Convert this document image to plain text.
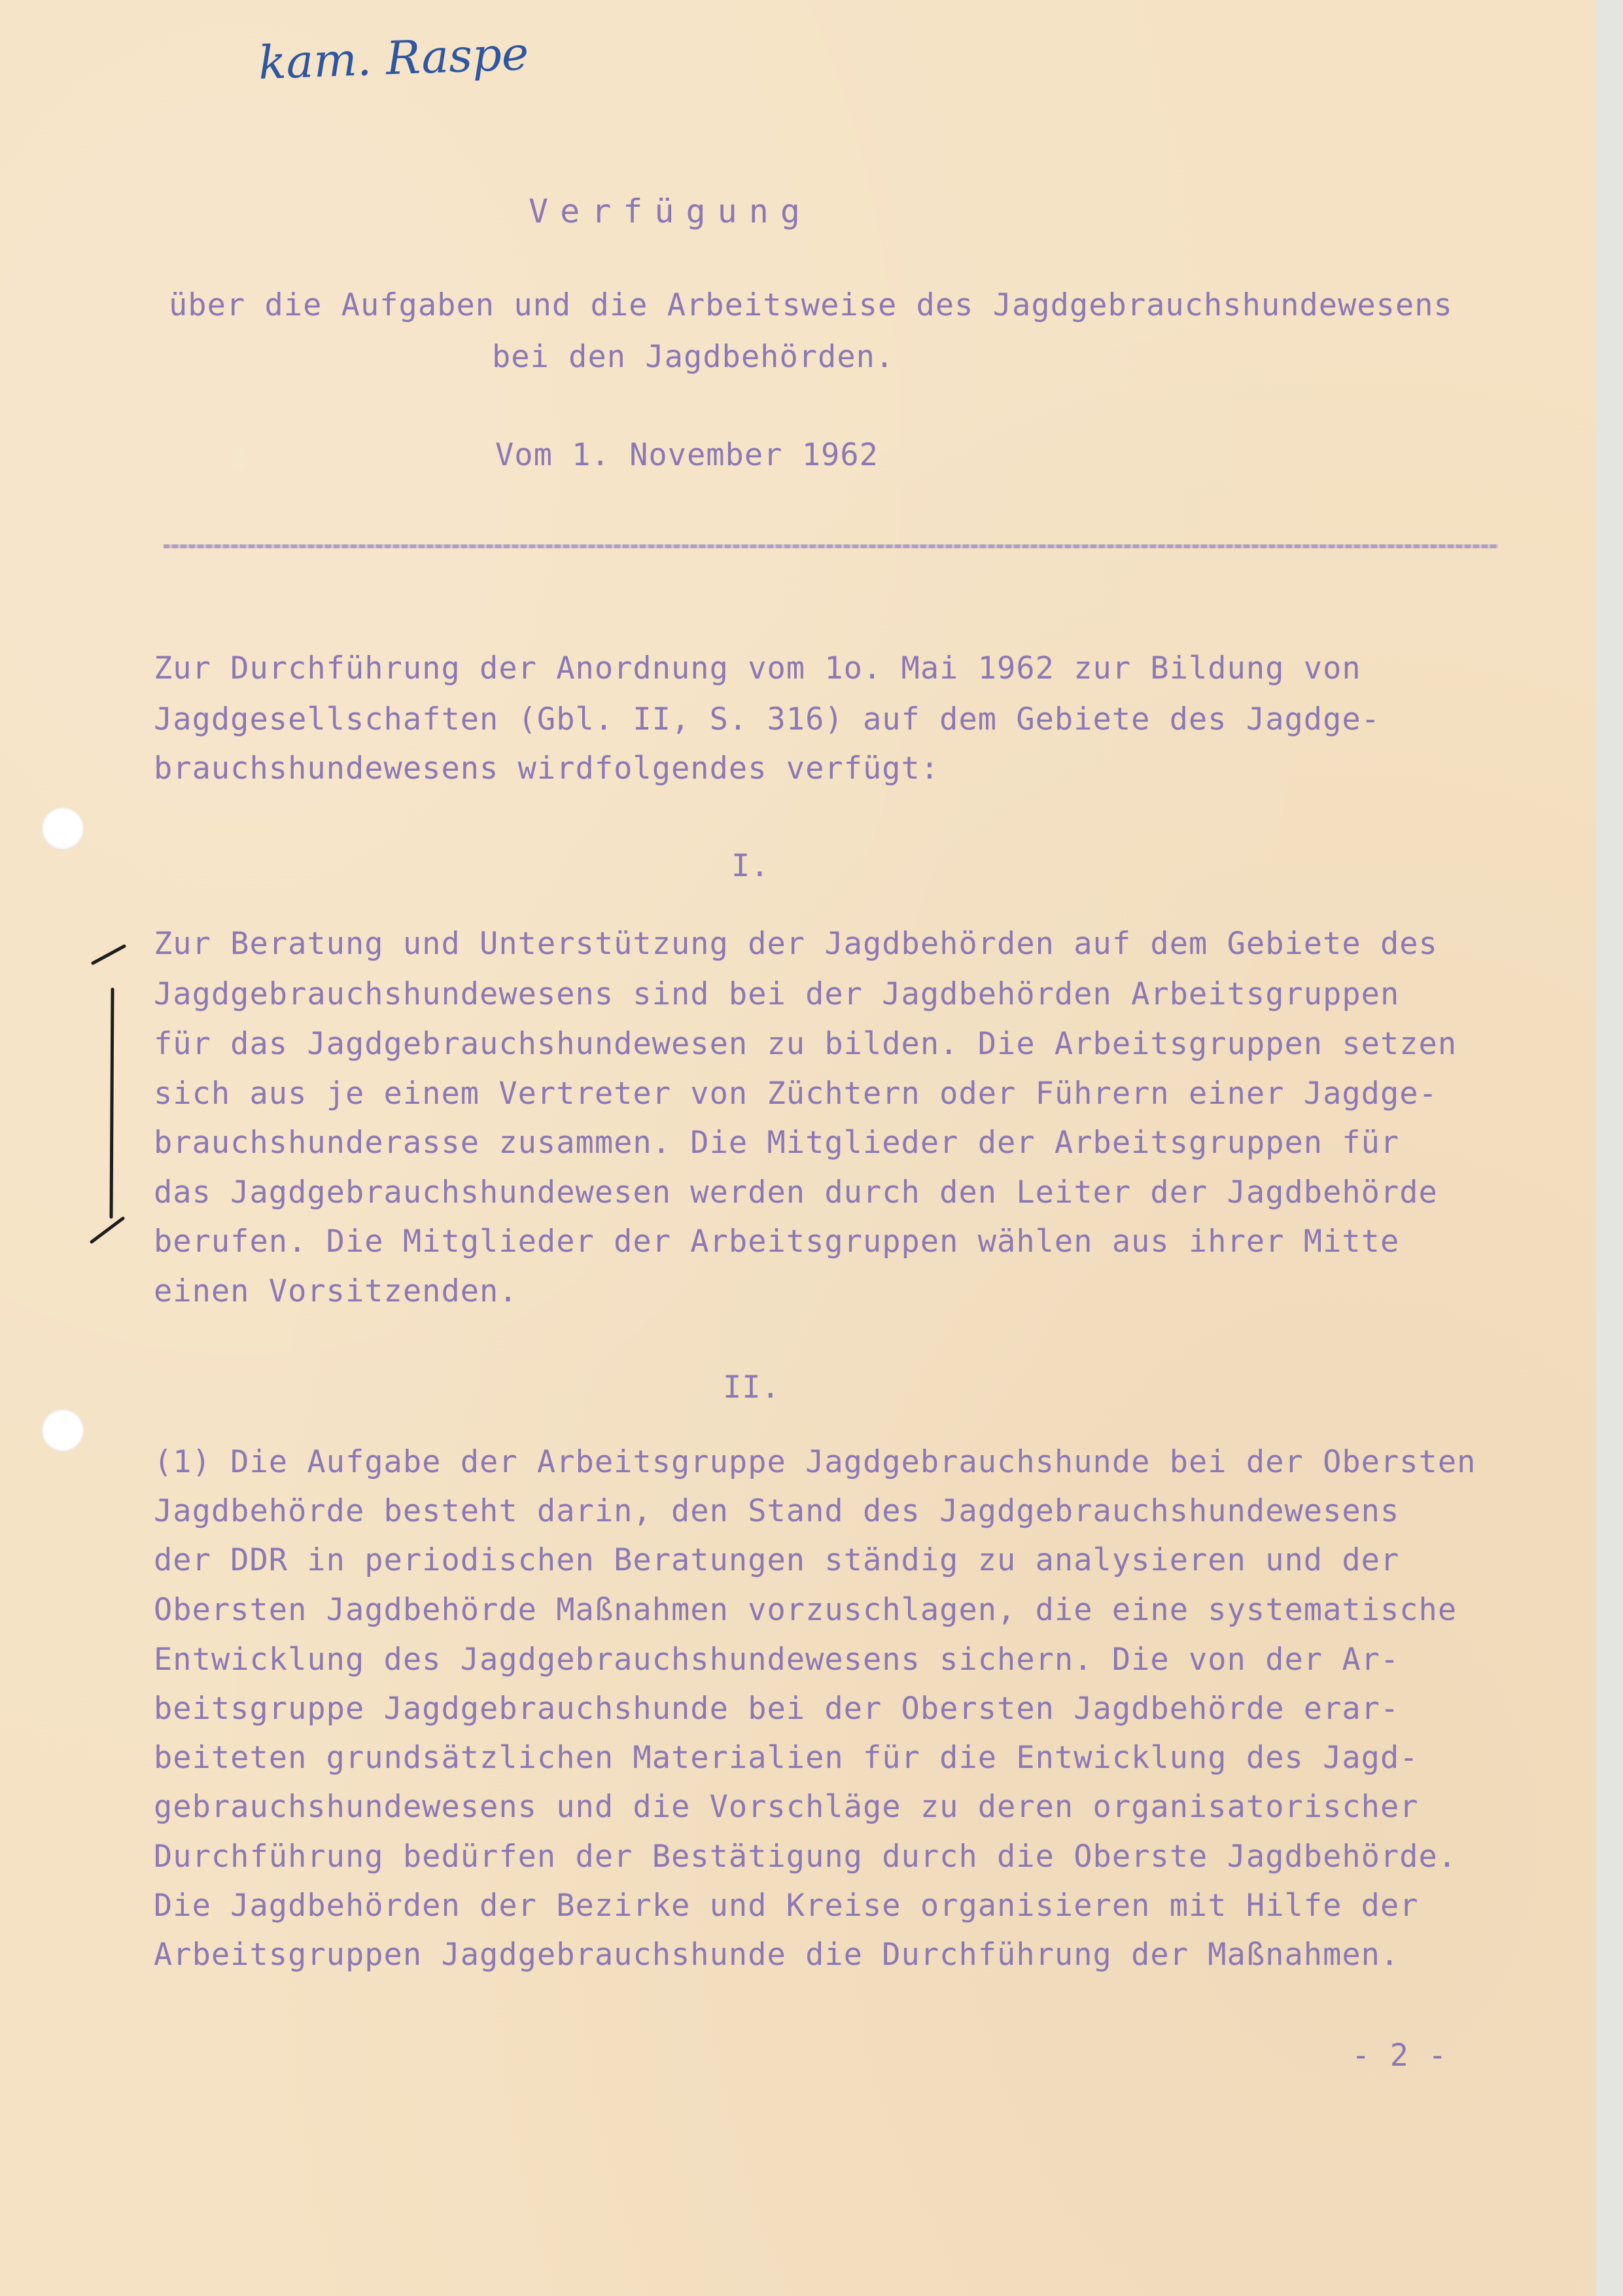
kam. Raspe
Verfügung
über die Aufgaben und die Arbeitsweise des Jagdgebrauchshundewesens
bei den Jagdbehörden.
Vom 1. November 1962
Zur Durchführung der Anordnung vom 1o. Mai 1962 zur Bildung von
Jagdgesellschaften (Gbl. II, S. 316) auf dem Gebiete des Jagdge-
brauchshundewesens wirdfolgendes verfügt:
I.
Zur Beratung und Unterstützung der Jagdbehörden auf dem Gebiete des
Jagdgebrauchshundewesens sind bei der Jagdbehörden Arbeitsgruppen
für das Jagdgebrauchshundewesen zu bilden. Die Arbeitsgruppen setzen
sich aus je einem Vertreter von Züchtern oder Führern einer Jagdge-
brauchshunderasse zusammen. Die Mitglieder der Arbeitsgruppen für
das Jagdgebrauchshundewesen werden durch den Leiter der Jagdbehörde
berufen. Die Mitglieder der Arbeitsgruppen wählen aus ihrer Mitte
einen Vorsitzenden.
II.
(1) Die Aufgabe der Arbeitsgruppe Jagdgebrauchshunde bei der Obersten
Jagdbehörde besteht darin, den Stand des Jagdgebrauchshundewesens
der DDR in periodischen Beratungen ständig zu analysieren und der
Obersten Jagdbehörde Maßnahmen vorzuschlagen, die eine systematische
Entwicklung des Jagdgebrauchshundewesens sichern. Die von der Ar-
beitsgruppe Jagdgebrauchshunde bei der Obersten Jagdbehörde erar-
beiteten grundsätzlichen Materialien für die Entwicklung des Jagd-
gebrauchshundewesens und die Vorschläge zu deren organisatorischer
Durchführung bedürfen der Bestätigung durch die Oberste Jagdbehörde.
Die Jagdbehörden der Bezirke und Kreise organisieren mit Hilfe der
Arbeitsgruppen Jagdgebrauchshunde die Durchführung der Maßnahmen.
- 2 -
